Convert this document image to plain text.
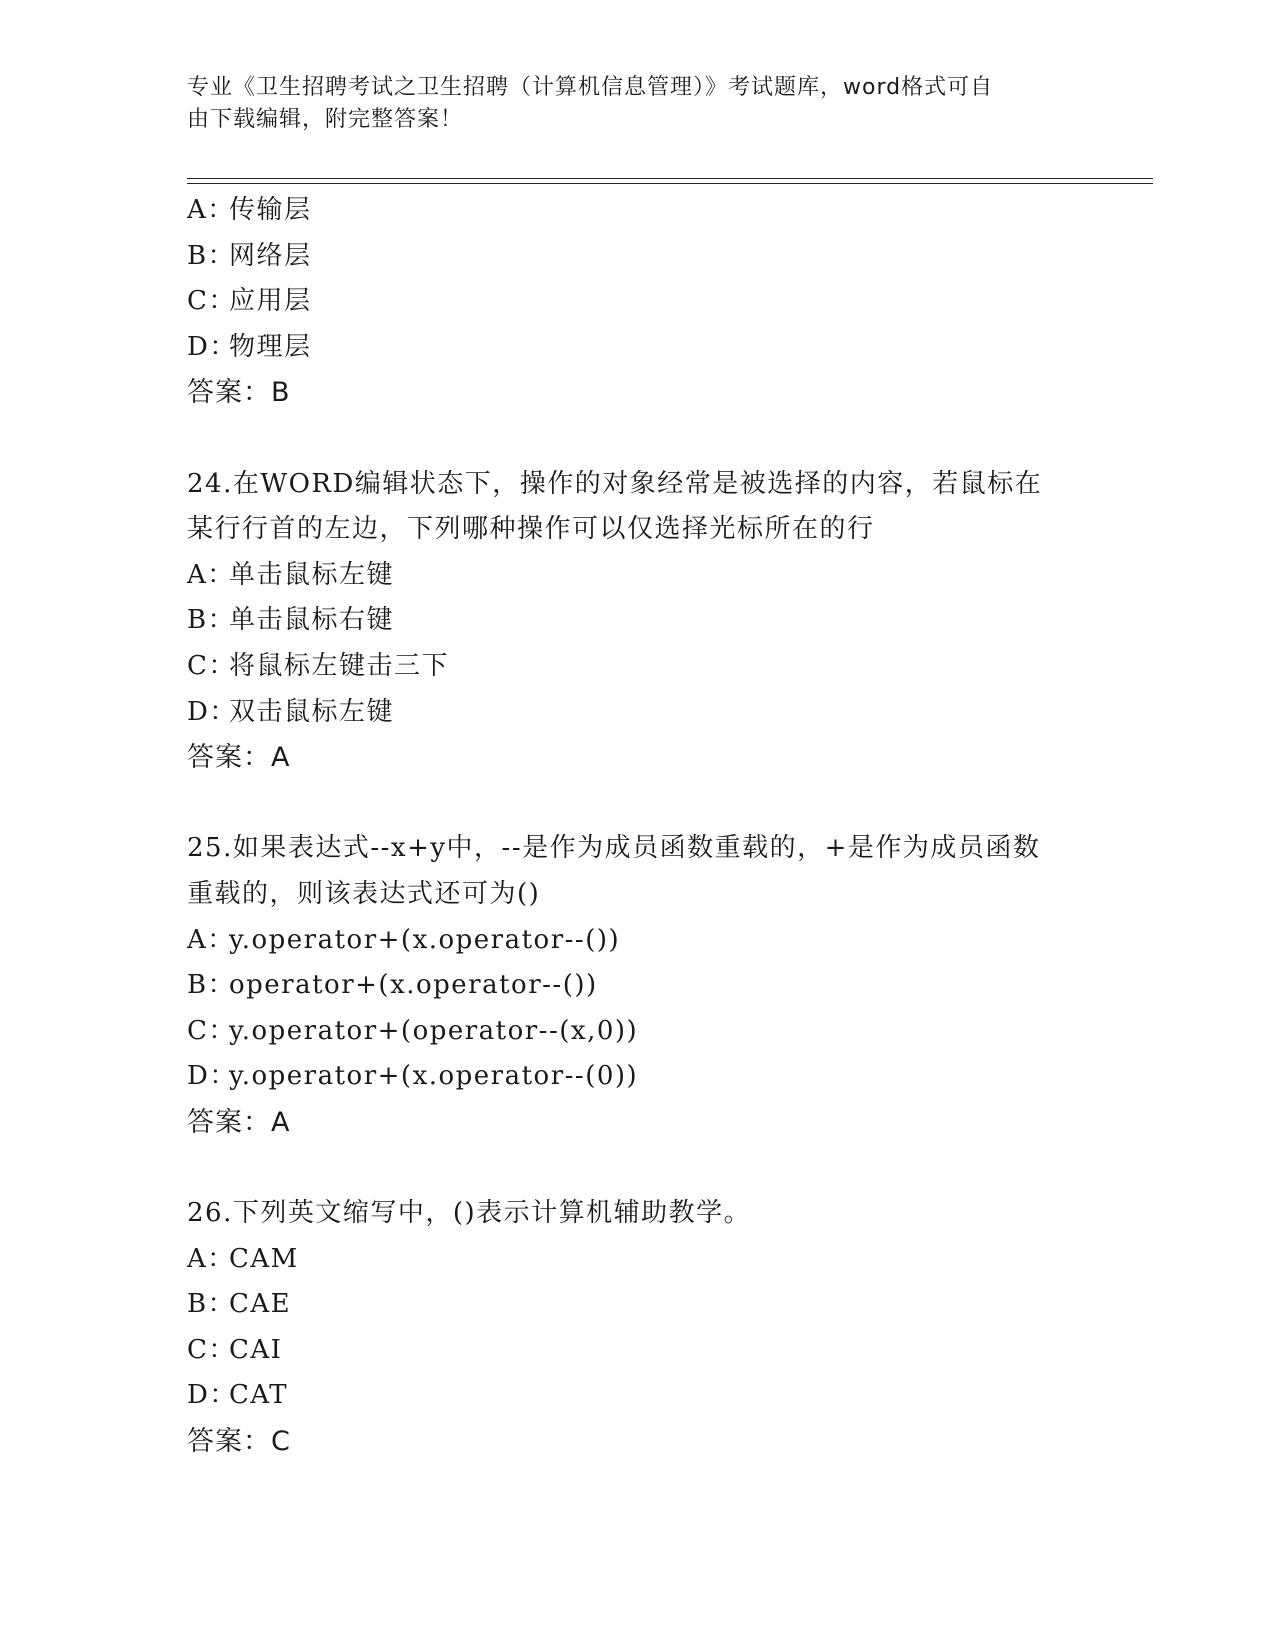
专业《卫生招聘考试之卫生招聘（计算机信息管理）》考试题库，word格式可自
由下载编辑，附完整答案！
A：传输层
B：网络层
C：应用层
D：物理层
答案：B
24.在WORD编辑状态下，操作的对象经常是被选择的内容，若鼠标在
某行行首的左边，下列哪种操作可以仅选择光标所在的行
A：单击鼠标左键
B：单击鼠标右键
C：将鼠标左键击三下
D：双击鼠标左键
答案：A
25.如果表达式--x+y中，--是作为成员函数重载的，+是作为成员函数
重载的，则该表达式还可为()
A：y.operator+(x.operator--())
B：operator+(x.operator--())
C：y.operator+(operator--(x,0))
D：y.operator+(x.operator--(0))
答案：A
26.下列英文缩写中，()表示计算机辅助教学。
A：CAM
B：CAE
C：CAI
D：CAT
答案：C
